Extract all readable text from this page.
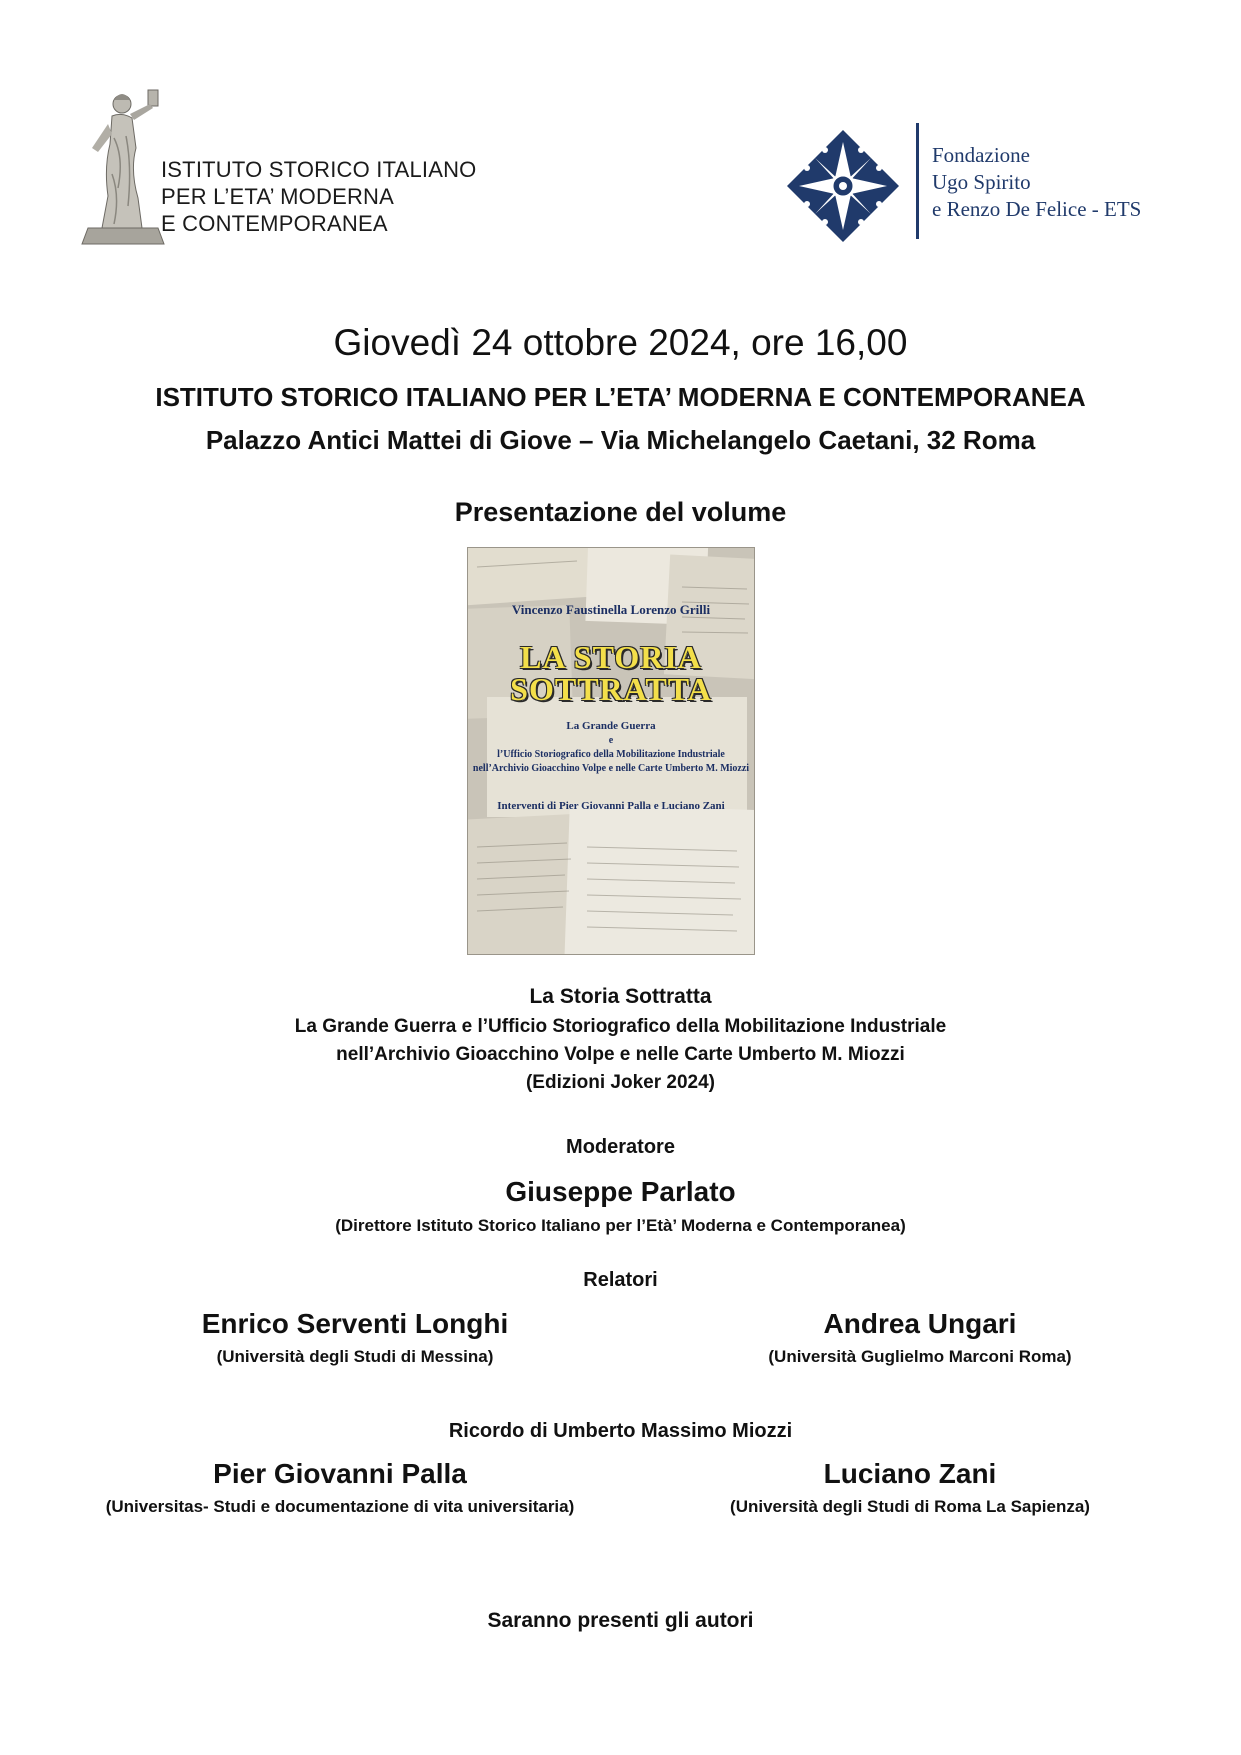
ISTITUTO STORICO ITALIANO
PER L’ETA’ MODERNA
E CONTEMPORANEA
Fondazione
Ugo Spirito
e Renzo De Felice - ETS
Giovedì 24 ottobre 2024, ore 16,00
ISTITUTO STORICO ITALIANO PER L’ETA’ MODERNA E CONTEMPORANEA
Palazzo Antici Mattei di Giove – Via Michelangelo Caetani, 32 Roma
Presentazione del volume
Vincenzo Faustinella Lorenzo Grilli
LA STORIA
SOTTRATTA
La Grande Guerra
e
l’Ufficio Storiografico della Mobilitazione Industriale
nell’Archivio Gioacchino Volpe e nelle Carte Umberto M. Miozzi
Interventi di Pier Giovanni Palla e Luciano Zani
La Storia Sottratta
La Grande Guerra e l’Ufficio Storiografico della Mobilitazione Industriale
nell’Archivio Gioacchino Volpe e nelle Carte Umberto M. Miozzi
(Edizioni Joker 2024)
Moderatore
Giuseppe Parlato
(Direttore Istituto Storico Italiano per l’Età’ Moderna e Contemporanea)
Relatori
Enrico Serventi Longhi
(Università degli Studi di Messina)
Andrea Ungari
(Università Guglielmo Marconi Roma)
Ricordo di Umberto Massimo Miozzi
Pier Giovanni Palla
(Universitas- Studi e documentazione di vita universitaria)
Luciano Zani
(Università degli Studi di Roma La Sapienza)
Saranno presenti gli autori
